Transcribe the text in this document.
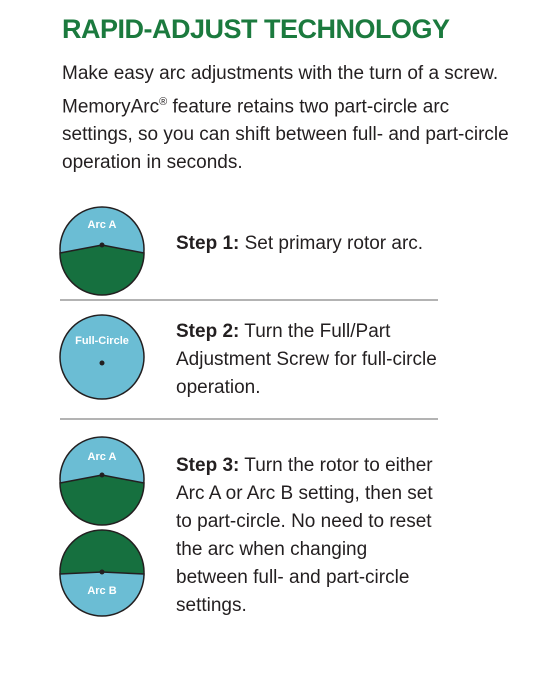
RAPID-ADJUST TECHNOLOGY
Make easy arc adjustments with the turn of a screw. MemoryArc® feature retains two part-circle arc settings, so you can shift between full- and part-circle operation in seconds.
Arc A
Step 1: Set primary rotor arc.
Full-Circle Step 2: Turn the Full/Part Adjustment Screw for full-circle operation.
Arc A
Arc B
Step 3: Turn the rotor to either Arc A or Arc B setting, then set to part-circle. No need to reset the arc when changing between full- and part-circle settings.
